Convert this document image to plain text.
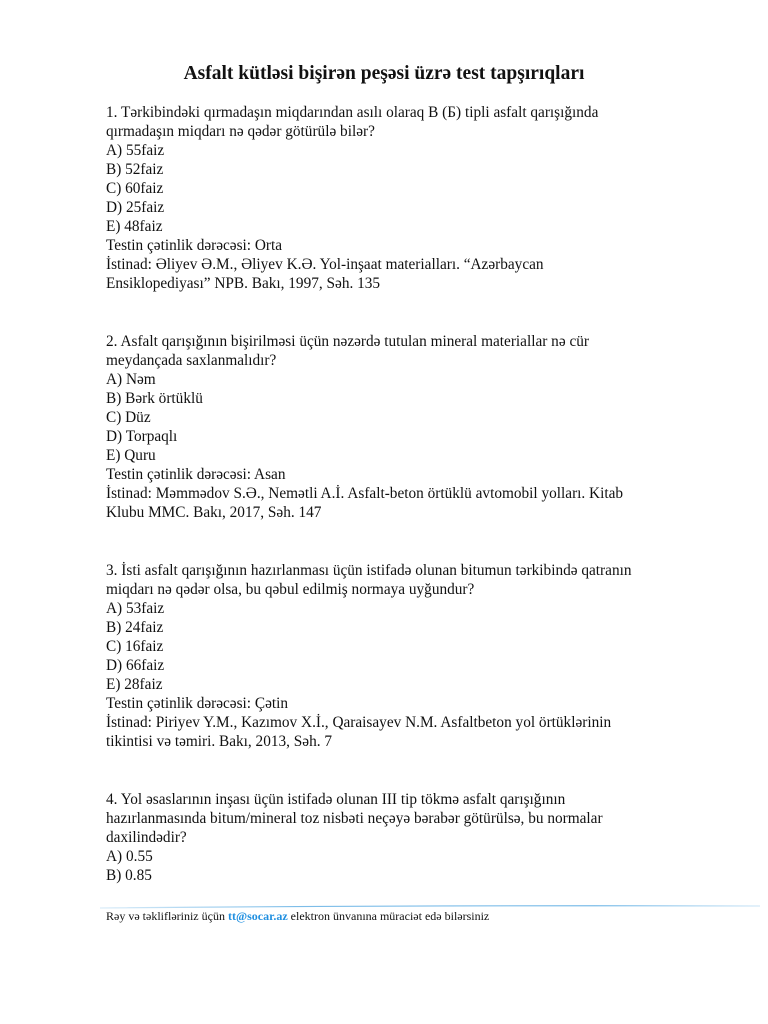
Asfalt kütləsi bişirən peşəsi üzrə test tapşırıqları

1. Tərkibindəki qırmadaşın miqdarından asılı olaraq B (Б) tipli asfalt qarışığında
qırmadaşın miqdarı nə qədər götürülə bilər?

A) 55faiz

B) 52faiz

C) 60faiz

D) 25faiz

E) 48faiz

Testin çətinlik dərəcəsi: Orta

İstinad: Əliyev Ə.M., Əliyev K.Ə. Yol-inşaat materialları. “Azərbaycan
Ensiklopediyası” NPB. Bakı, 1997, Səh. 135

2. Asfalt qarışığının bişirilməsi üçün nəzərdə tutulan mineral materiallar nə cür
meydançada saxlanmalıdır?

A) Nəm

B) Bərk örtüklü

C) Düz

D) Torpaqlı

E) Quru

Testin çətinlik dərəcəsi: Asan

İstinad: Məmmədov S.Ə., Nemətli A.İ. Asfalt-beton örtüklü avtomobil yolları. Kitab
Klubu MMC. Bakı, 2017, Səh. 147

3. İsti asfalt qarışığının hazırlanması üçün istifadə olunan bitumun tərkibində qatranın
miqdarı nə qədər olsa, bu qəbul edilmiş normaya uyğundur?

A) 53faiz

B) 24faiz

C) 16faiz

D) 66faiz

E) 28faiz

Testin çətinlik dərəcəsi: Çətin

İstinad: Piriyev Y.M., Kazımov X.İ., Qaraisayev N.M. Asfaltbeton yol örtüklərinin
tikintisi və təmiri. Bakı, 2013, Səh. 7

4. Yol əsaslarının inşası üçün istifadə olunan III tip tökmə asfalt qarışığının
hazırlanmasında bitum/mineral toz nisbəti neçəyə bərabər götürülsə, bu normalar
daxilindədir?

A) 0.55

B) 0.85

Rəy və təklifləriniz üçün tt@socar.az elektron ünvanına müraciət edə bilərsiniz
